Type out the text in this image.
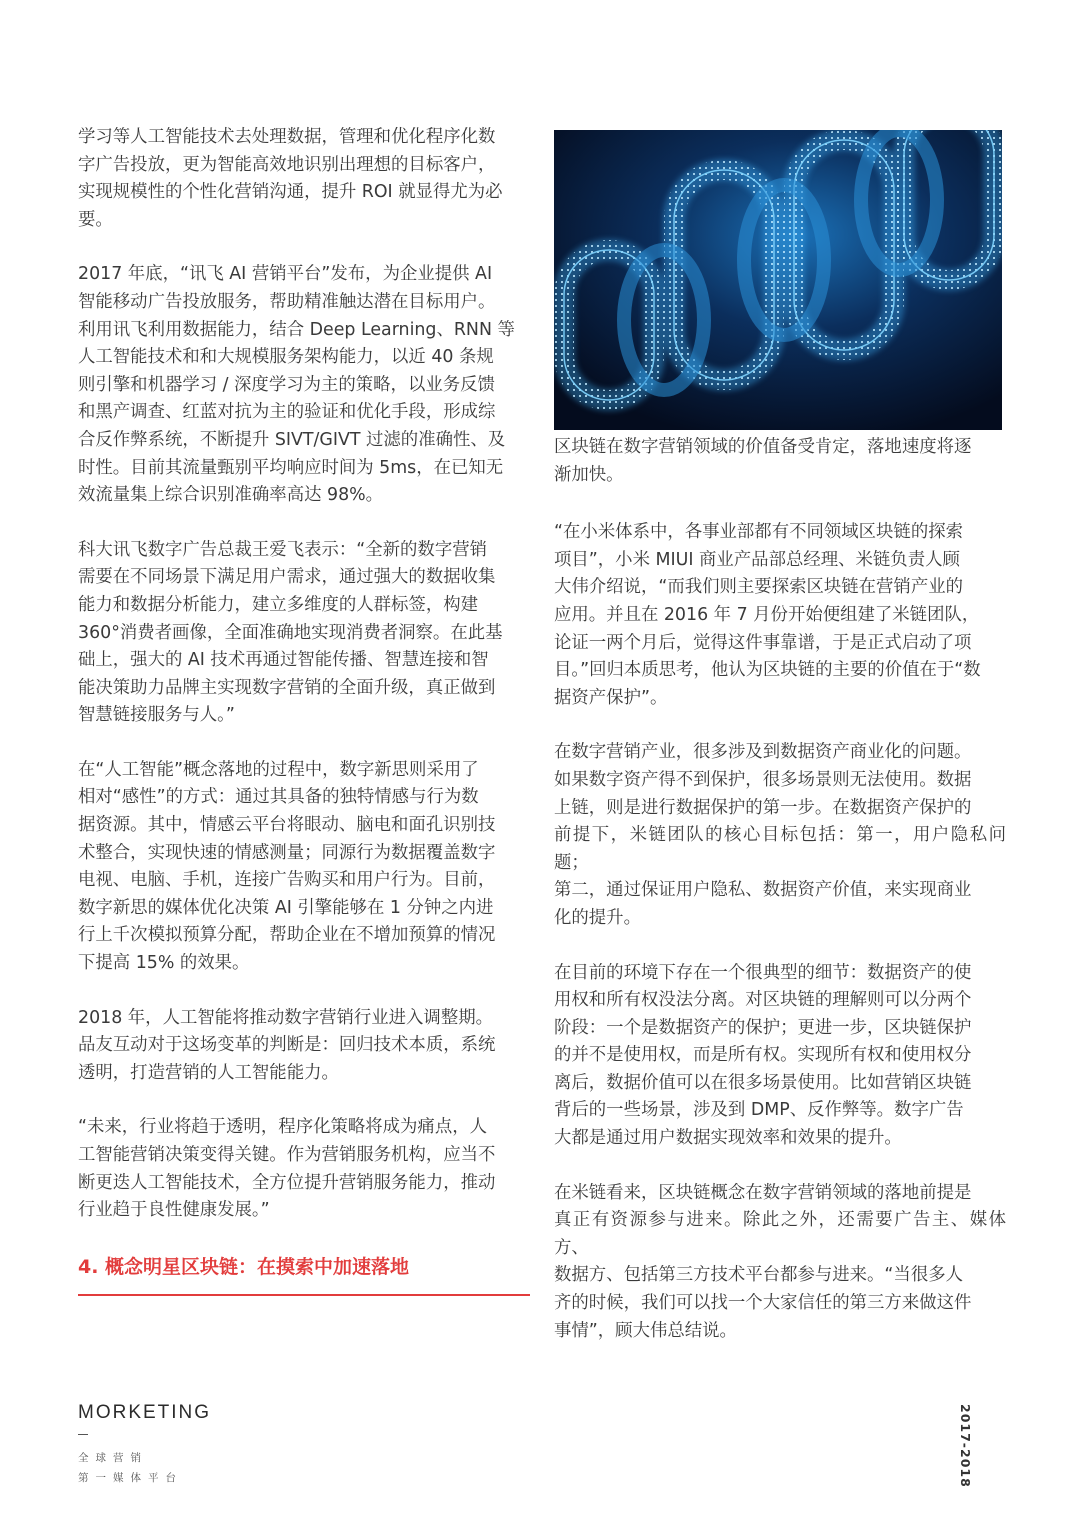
学习等人工智能技术去处理数据，管理和优化程序化数
字广告投放，更为智能高效地识别出理想的目标客户，
实现规模性的个性化营销沟通，提升 ROI 就显得尤为必
要。

2017 年底，“讯飞 AI 营销平台”发布，为企业提供 AI
智能移动广告投放服务，帮助精准触达潜在目标用户。
利用讯飞利用数据能力，结合 Deep Learning、RNN 等
人工智能技术和和大规模服务架构能力，以近 40 条规
则引擎和机器学习 / 深度学习为主的策略，以业务反馈
和黑产调查、红蓝对抗为主的验证和优化手段，形成综
合反作弊系统，不断提升 SIVT/GIVT 过滤的准确性、及
时性。目前其流量甄别平均响应时间为 5ms，在已知无
效流量集上综合识别准确率高达 98%。

科大讯飞数字广告总裁王爱飞表示：“全新的数字营销
需要在不同场景下满足用户需求，通过强大的数据收集
能力和数据分析能力，建立多维度的人群标签，构建
360°消费者画像，全面准确地实现消费者洞察。在此基
础上，强大的 AI 技术再通过智能传播、智慧连接和智
能决策助力品牌主实现数字营销的全面升级，真正做到
智慧链接服务与人。”

在“人工智能”概念落地的过程中，数字新思则采用了
相对“感性”的方式：通过其具备的独特情感与行为数
据资源。其中，情感云平台将眼动、脑电和面孔识别技
术整合，实现快速的情感测量；同源行为数据覆盖数字
电视、电脑、手机，连接广告购买和用户行为。目前，
数字新思的媒体优化决策 AI 引擎能够在 1 分钟之内进
行上千次模拟预算分配，帮助企业在不增加预算的情况
下提高 15% 的效果。

2018 年，人工智能将推动数字营销行业进入调整期。
品友互动对于这场变革的判断是：回归技术本质，系统
透明，打造营销的人工智能能力。

“未来，行业将趋于透明，程序化策略将成为痛点，人
工智能营销决策变得关键。作为营销服务机构，应当不
断更迭人工智能技术，全方位提升营销服务能力，推动
行业趋于良性健康发展。”

4. 概念明星区块链：在摸索中加速落地
区块链在数字营销领域的价值备受肯定，落地速度将逐
渐加快。

“在小米体系中，各事业部都有不同领域区块链的探索
项目”，小米 MIUI 商业产品部总经理、米链负责人顾
大伟介绍说，“而我们则主要探索区块链在营销产业的
应用。并且在 2016 年 7 月份开始便组建了米链团队，
论证一两个月后，觉得这件事靠谱，于是正式启动了项
目。”回归本质思考，他认为区块链的主要的价值在于“数
据资产保护”。

在数字营销产业，很多涉及到数据资产商业化的问题。
如果数字资产得不到保护，很多场景则无法使用。数据
上链，则是进行数据保护的第一步。在数据资产保护的
前提下，米链团队的核心目标包括：第一，用户隐私问题；
第二，通过保证用户隐私、数据资产价值，来实现商业
化的提升。

在目前的环境下存在一个很典型的细节：数据资产的使
用权和所有权没法分离。对区块链的理解则可以分两个
阶段：一个是数据资产的保护；更进一步，区块链保护
的并不是使用权，而是所有权。实现所有权和使用权分
离后，数据价值可以在很多场景使用。比如营销区块链
背后的一些场景，涉及到 DMP、反作弊等。数字广告
大都是通过用户数据实现效率和效果的提升。

在米链看来，区块链概念在数字营销领域的落地前提是
真正有资源参与进来。除此之外，还需要广告主、媒体方、
数据方、包括第三方技术平台都参与进来。“当很多人
齐的时候，我们可以找一个大家信任的第三方来做这件
事情”，顾大伟总结说。

MORKETING
全球营销
第一媒体平台
2017-2018
